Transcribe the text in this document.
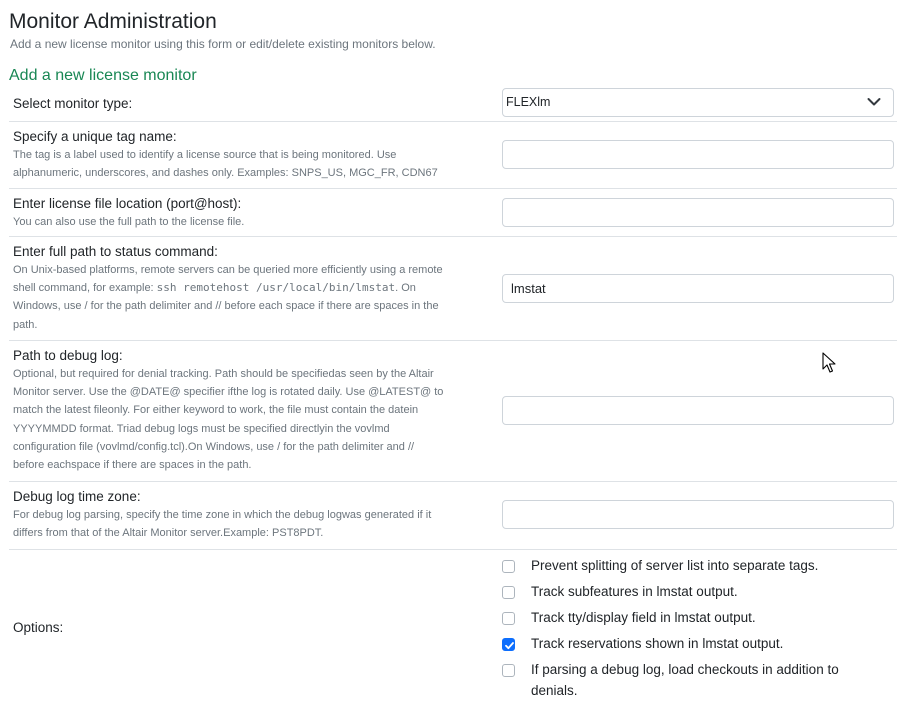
Monitor Administration
Add a new license monitor using this form or edit/delete existing monitors below.
Add a new license monitor
Select monitor type:	FLEXlm
Specify a unique tag name:
The tag is a label used to identify a license source that is being monitored. Use
alphanumeric, underscores, and dashes only. Examples: SNPS_US, MGC_FR, CDN67
Enter license file location (port@host):
You can also use the full path to the license file.
Enter full path to status command:
On Unix-based platforms, remote servers can be queried more efficiently using a remote
shell command, for example: ssh remotehost /usr/local/bin/lmstat. On
Windows, use / for the path delimiter and // before each space if there are spaces in the
path.
lmstat
Path to debug log:
Optional, but required for denial tracking. Path should be specifiedas seen by the Altair
Monitor server. Use the @DATE@ specifier ifthe log is rotated daily. Use @LATEST@ to
match the latest fileonly. For either keyword to work, the file must contain the datein
YYYYMMDD format. Triad debug logs must be specified directlyin the vovlmd
configuration file (vovlmd/config.tcl).On Windows, use / for the path delimiter and //
before eachspace if there are spaces in the path.
Debug log time zone:
For debug log parsing, specify the time zone in which the debug logwas generated if it
differs from that of the Altair Monitor server.Example: PST8PDT.
Options:
Prevent splitting of server list into separate tags.
Track subfeatures in lmstat output.
Track tty/display field in lmstat output.
Track reservations shown in lmstat output.
If parsing a debug log, load checkouts in addition to denials.
